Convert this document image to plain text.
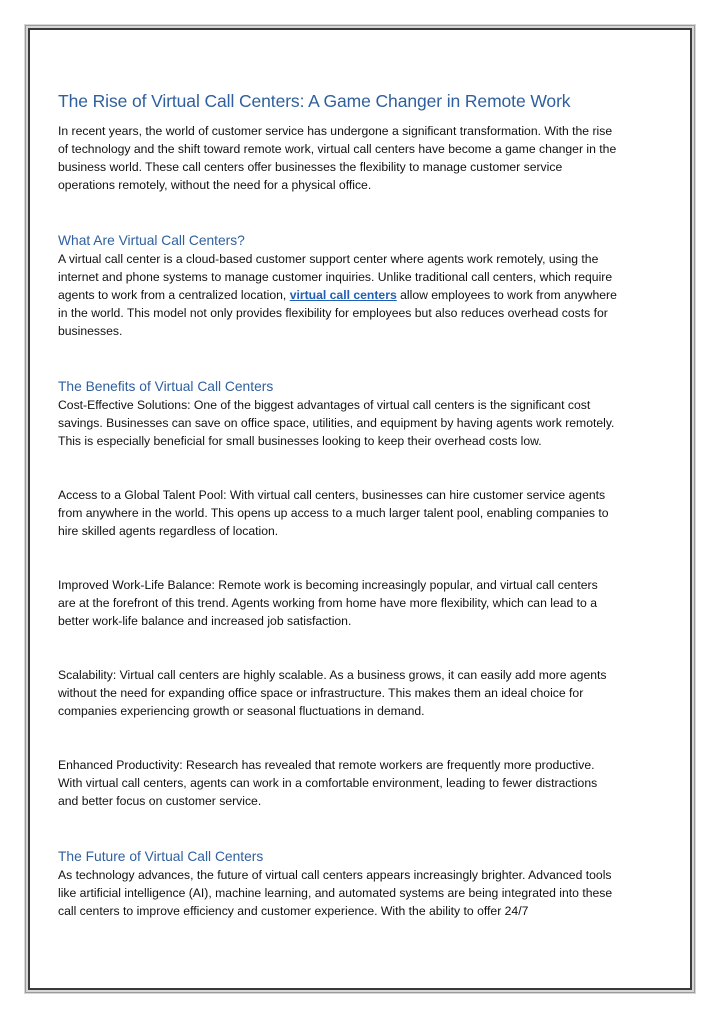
The Rise of Virtual Call Centers: A Game Changer in Remote Work

In recent years, the world of customer service has undergone a significant transformation. With the rise of technology and the shift toward remote work, virtual call centers have become a game changer in the business world. These call centers offer businesses the flexibility to manage customer service operations remotely, without the need for a physical office.

What Are Virtual Call Centers?

A virtual call center is a cloud-based customer support center where agents work remotely, using the internet and phone systems to manage customer inquiries. Unlike traditional call centers, which require agents to work from a centralized location, virtual call centers allow employees to work from anywhere in the world. This model not only provides flexibility for employees but also reduces overhead costs for businesses.

The Benefits of Virtual Call Centers

Cost-Effective Solutions: One of the biggest advantages of virtual call centers is the significant cost savings. Businesses can save on office space, utilities, and equipment by having agents work remotely. This is especially beneficial for small businesses looking to keep their overhead costs low.

Access to a Global Talent Pool: With virtual call centers, businesses can hire customer service agents from anywhere in the world. This opens up access to a much larger talent pool, enabling companies to hire skilled agents regardless of location.

Improved Work-Life Balance: Remote work is becoming increasingly popular, and virtual call centers are at the forefront of this trend. Agents working from home have more flexibility, which can lead to a better work-life balance and increased job satisfaction.

Scalability: Virtual call centers are highly scalable. As a business grows, it can easily add more agents without the need for expanding office space or infrastructure. This makes them an ideal choice for companies experiencing growth or seasonal fluctuations in demand.

Enhanced Productivity: Research has revealed that remote workers are frequently more productive. With virtual call centers, agents can work in a comfortable environment, leading to fewer distractions and better focus on customer service.

The Future of Virtual Call Centers

As technology advances, the future of virtual call centers appears increasingly brighter. Advanced tools like artificial intelligence (AI), machine learning, and automated systems are being integrated into these call centers to improve efficiency and customer experience. With the ability to offer 24/7
